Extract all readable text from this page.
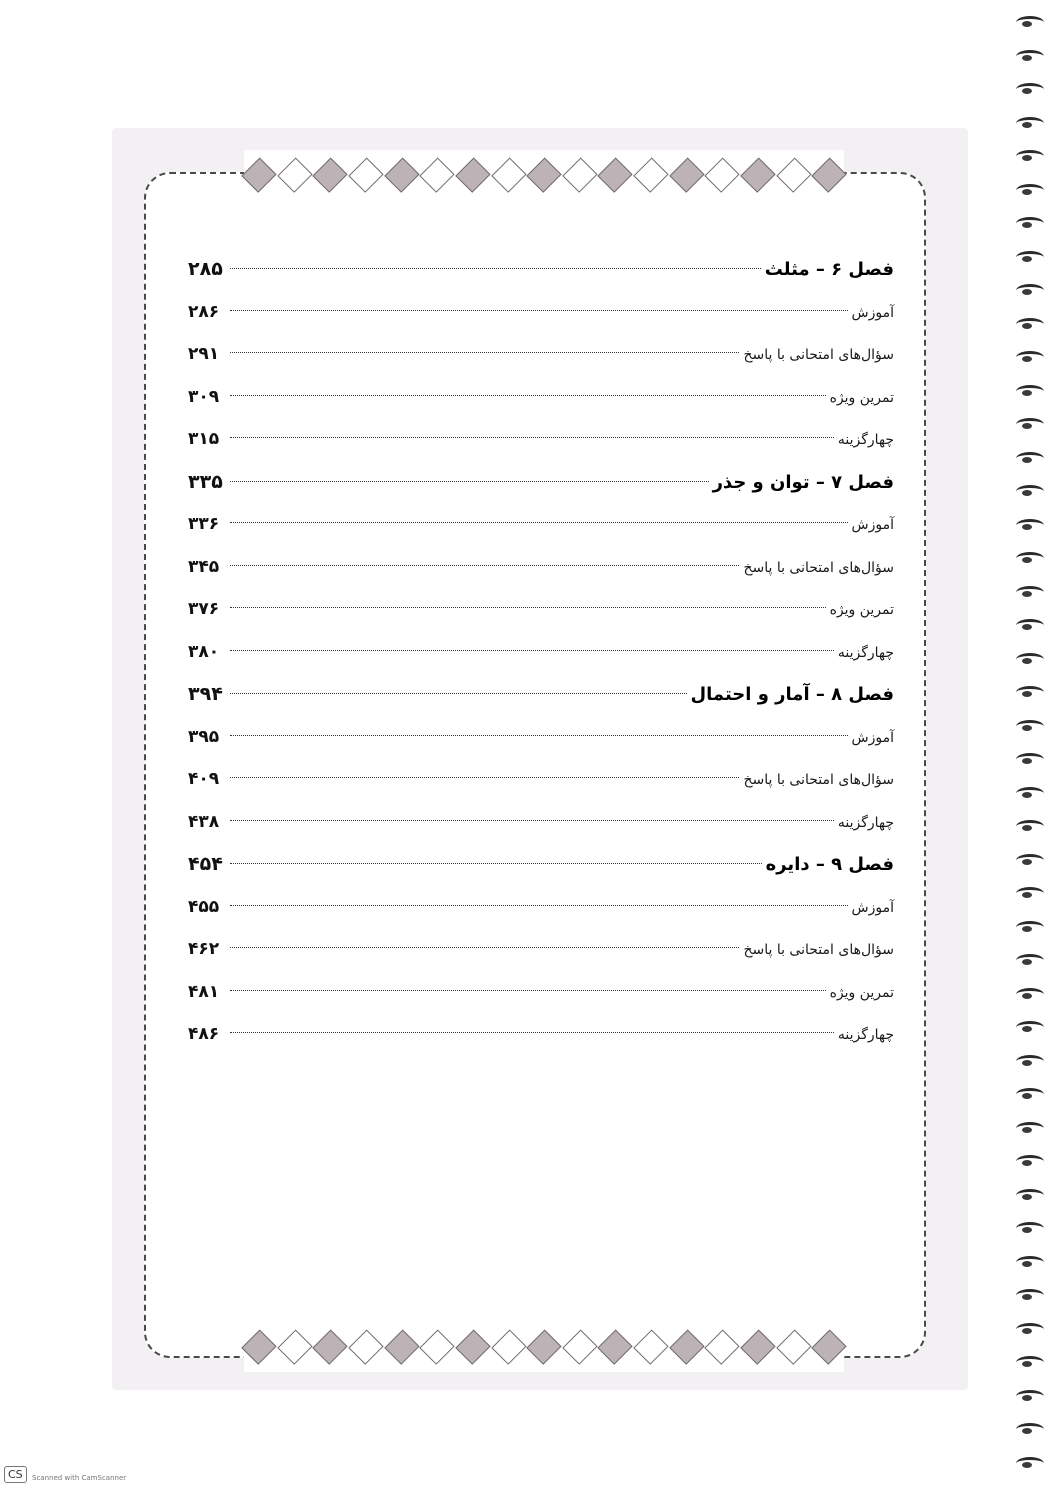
فصل ۶ – مثلث
۲۸۵
آموزش
۲۸۶
سؤال‌های امتحانی با پاسخ
۲۹۱
تمرین ویژه
۳۰۹
چهارگزینه
۳۱۵
فصل ۷ – توان و جذر
۳۳۵
آموزش
۳۳۶
سؤال‌های امتحانی با پاسخ
۳۴۵
تمرین ویژه
۳۷۶
چهارگزینه
۳۸۰
فصل ۸ – آمار و احتمال
۳۹۴
آموزش
۳۹۵
سؤال‌های امتحانی با پاسخ
۴۰۹
چهارگزینه
۴۳۸
فصل ۹ – دایره
۴۵۴
آموزش
۴۵۵
سؤال‌های امتحانی با پاسخ
۴۶۲
تمرین ویژه
۴۸۱
چهارگزینه
۴۸۶
CS	Scanned with CamScanner
